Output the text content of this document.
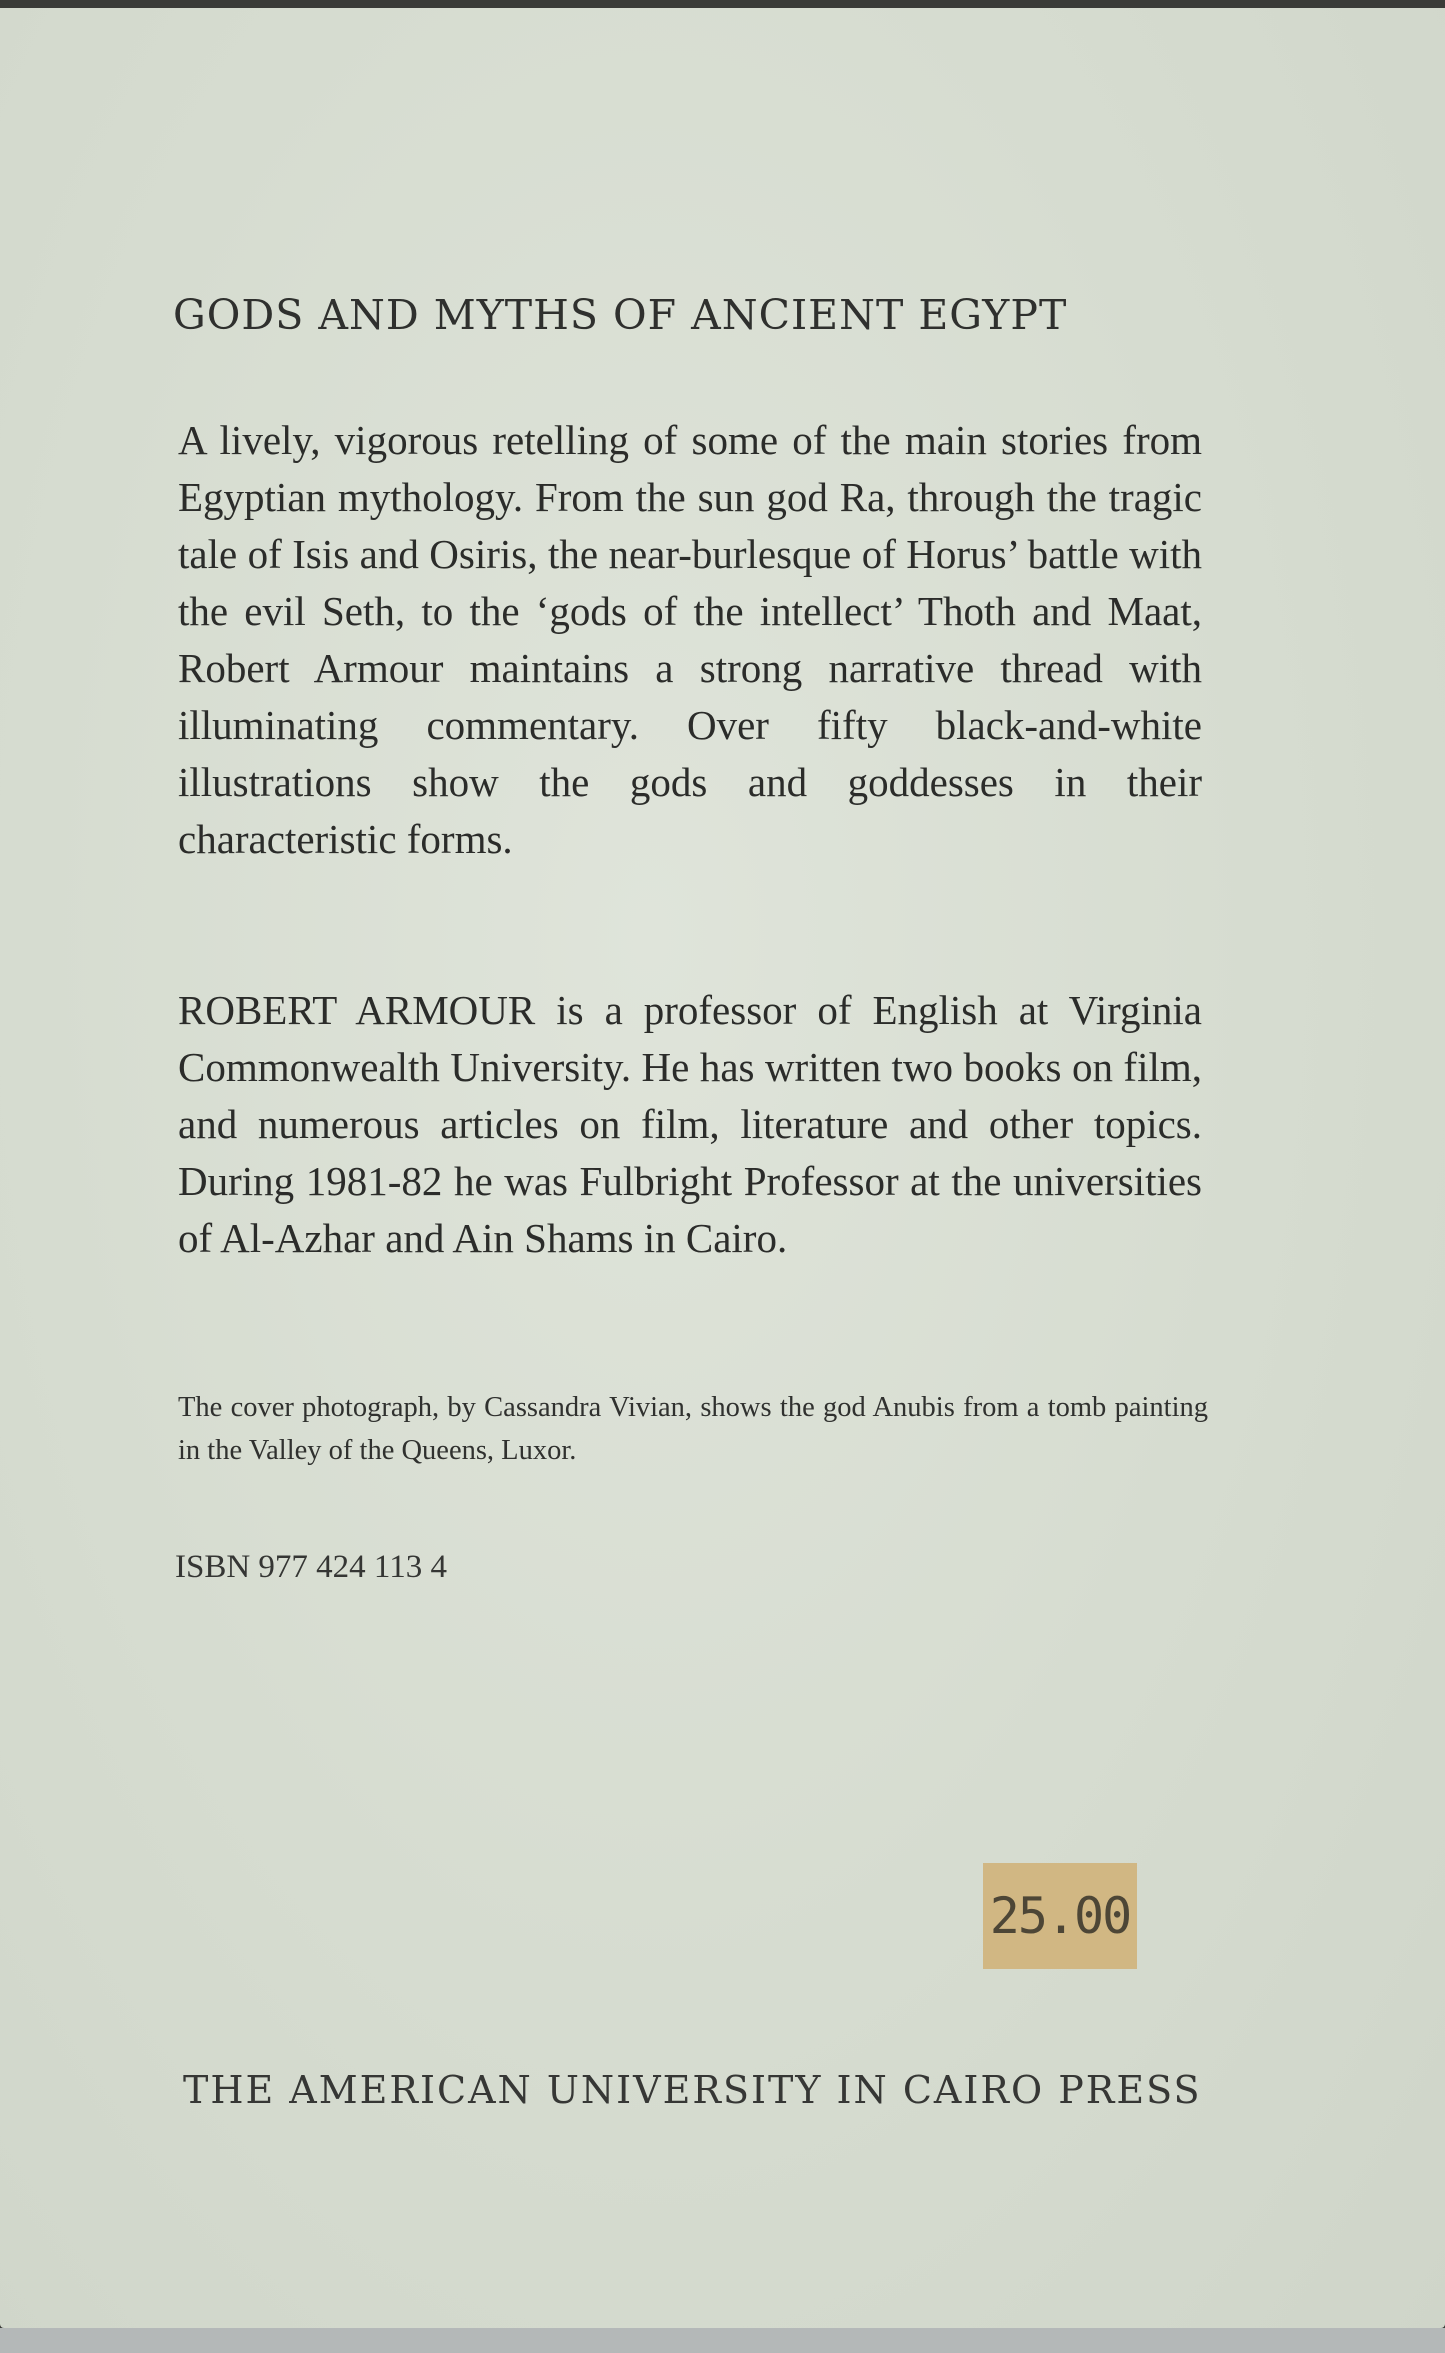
GODS AND MYTHS OF ANCIENT EGYPT
A lively, vigorous retelling of some of the main stories from Egyptian mythology. From the sun god Ra, through the tragic tale of Isis and Osiris, the near-burlesque of Horus’ battle with the evil Seth, to the ‘gods of the intellect’ Thoth and Maat, Robert Armour maintains a strong narrative thread with illuminating commentary. Over fifty black-and-white illustrations show the gods and goddesses in their characteristic forms.
ROBERT ARMOUR is a professor of English at Virginia Commonwealth University. He has written two books on film, and numerous articles on film, literature and other topics. During 1981-82 he was Fulbright Professor at the universities of Al-Azhar and Ain Shams in Cairo.
The cover photograph, by Cassandra Vivian, shows the god Anubis from a tomb painting in the Valley of the Queens, Luxor.
ISBN 977 424 113 4
25.00
THE AMERICAN UNIVERSITY IN CAIRO PRESS
